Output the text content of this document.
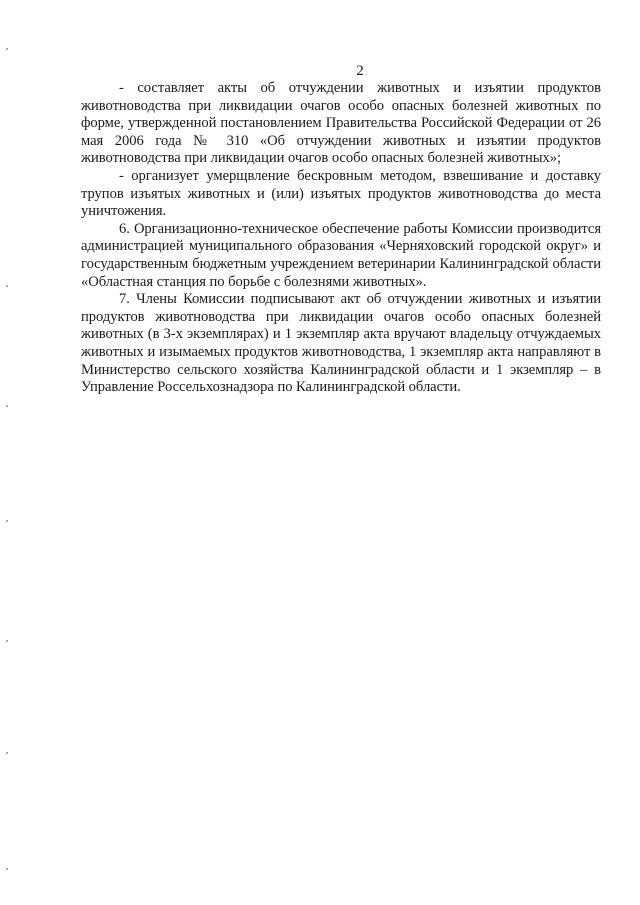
2

- составляет акты об отчуждении животных и изъятии продуктов животноводства при ликвидации очагов особо опасных болезней животных по форме, утвержденной постановлением Правительства Российской Федерации от 26 мая 2006 года № 310 «Об отчуждении животных и изъятии продуктов животноводства при ликвидации очагов особо опасных болезней животных»;

- организует умерщвление бескровным методом, взвешивание и доставку трупов изъятых животных и (или) изъятых продуктов животноводства до места уничтожения.

6. Организационно-техническое обеспечение работы Комиссии производится администрацией муниципального образования «Черняховский городской округ» и государственным бюджетным учреждением ветеринарии Калининградской области «Областная станция по борьбе с болезнями животных».

7. Члены Комиссии подписывают акт об отчуждении животных и изъятии продуктов животноводства при ликвидации очагов особо опасных болезней животных (в 3-х экземплярах) и 1 экземпляр акта вручают владельцу отчуждаемых животных и изымаемых продуктов животноводства, 1 экземпляр акта направляют в Министерство сельского хозяйства Калининградской области и 1 экземпляр – в Управление Россельхознадзора по Калининградской области.
